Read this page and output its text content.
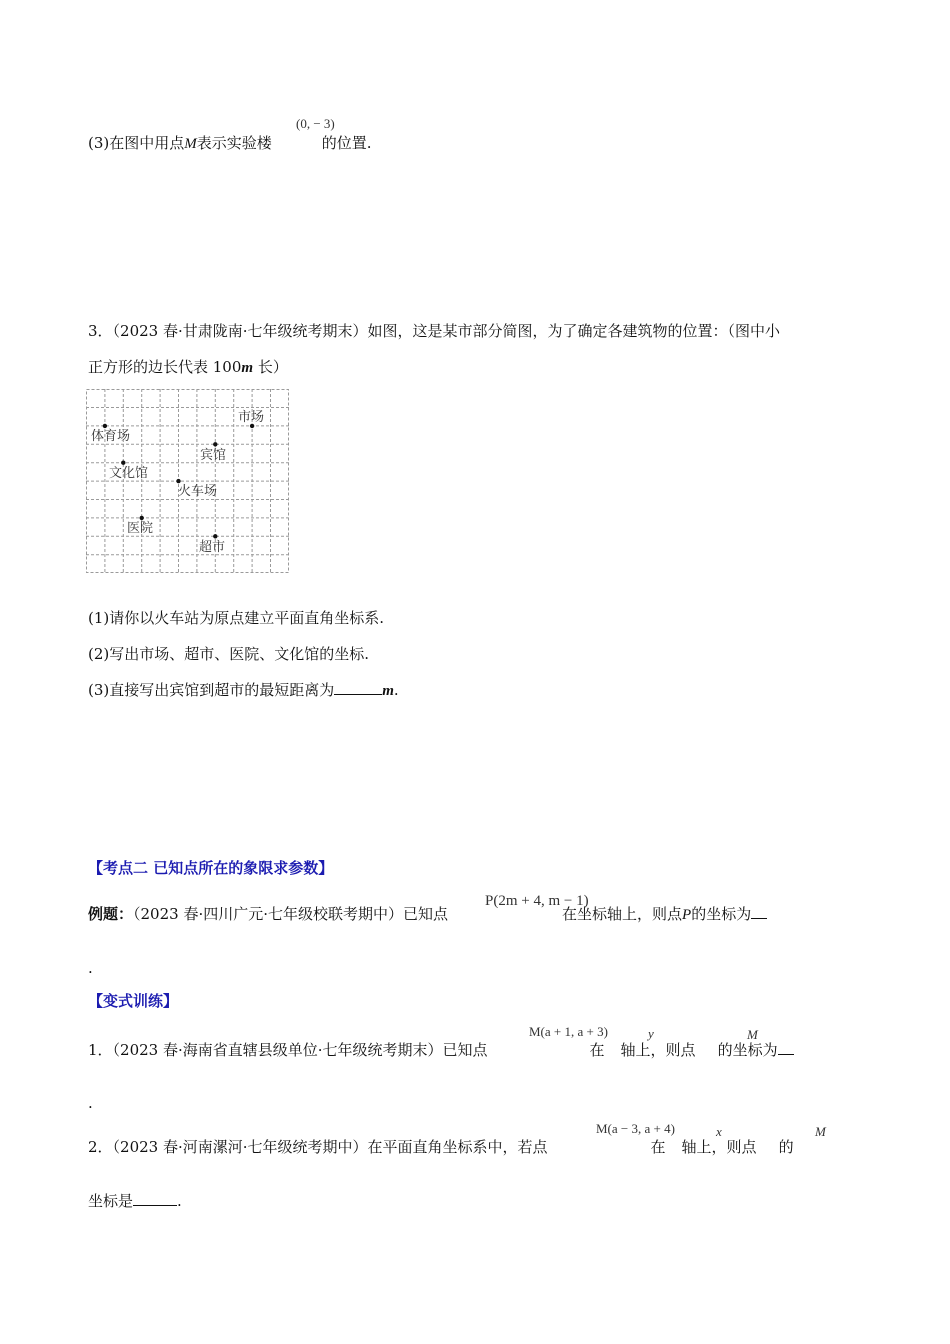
(3)在图中用点M表示实验楼	的位置.
(0, − 3)
3．（2023 春·甘肃陇南·七年级统考期末）如图，这是某市部分简图，为了确定各建筑物的位置：（图中小
正方形的边长代表 100m 长）
体育场
市场
宾馆
文化馆
火车场
医院
超市
(1)请你以火车站为原点建立平面直角坐标系.
(2)写出市场、超市、医院、文化馆的坐标.
(3)直接写出宾馆到超市的最短距离为	m.
【考点二 已知点所在的象限求参数】
例题：（2023 春·四川广元·七年级校联考期中）已知点	在坐标轴上，则点P的坐标为
P(2m + 4, m − 1)
.
【变式训练】
1．（2023 春·海南省直辖县级单位·七年级统考期末）已知点	在 轴上，则点 的坐标为
M(a + 1, a + 3)	y	M
.
2．（2023 春·河南漯河·七年级统考期中）在平面直角坐标系中，若点	在 轴上，则点 的
M(a − 3, a + 4)	x	M
坐标是	.
